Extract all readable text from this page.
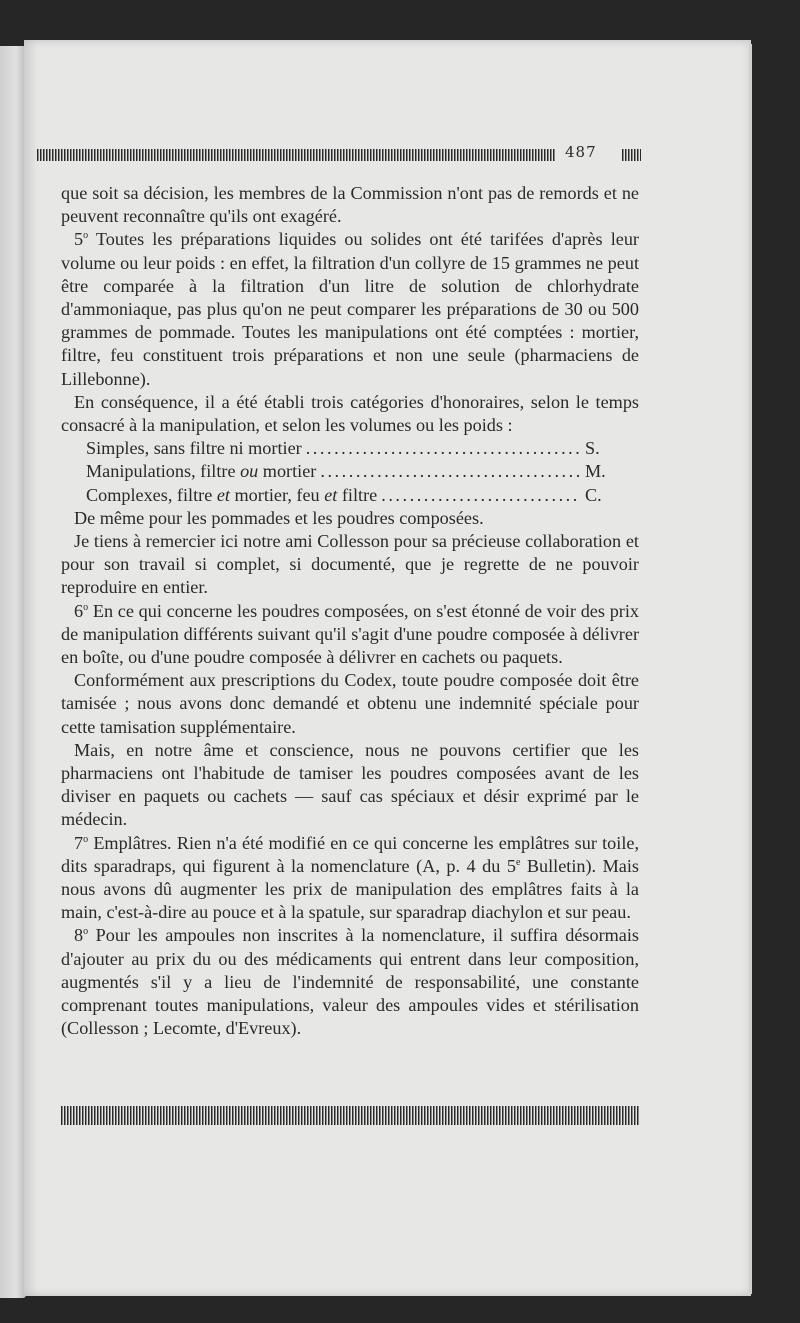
487

que soit sa décision, les membres de la Commission n'ont pas de remords et ne peuvent reconnaître qu'ils ont exagéré.

5$^o$ Toutes les préparations liquides ou solides ont été tarifées d'après leur volume ou leur poids : en effet, la filtration d'un collyre de 15 grammes ne peut être comparée à la filtration d'un litre de solution de chlorhydrate d'ammoniaque, pas plus qu'on ne peut comparer les préparations de 30 ou 500 grammes de pommade. Toutes les manipulations ont été comptées : mortier, filtre, feu constituent trois préparations et non une seule (pharmaciens de Lillebonne).

En conséquence, il a été établi trois catégories d'honoraires, selon le temps consacré à la manipulation, et selon les volumes ou les poids :

Simples, sans filtre ni mortier . . .	S.
Manipulations, filtre ou mortier . . .	M.
Complexes, filtre et mortier, feu et filtre . . .	C.

De même pour les pommades et les poudres composées.

Je tiens à remercier ici notre ami Collesson pour sa précieuse collaboration et pour son travail si complet, si documenté, que je regrette de ne pouvoir reproduire en entier.

6$^o$ En ce qui concerne les poudres composées, on s'est étonné de voir des prix de manipulation différents suivant qu'il s'agit d'une poudre composée à délivrer en boîte, ou d'une poudre composée à délivrer en cachets ou paquets.

Conformément aux prescriptions du Codex, toute poudre composée doit être tamisée ; nous avons donc demandé et obtenu une indemnité spéciale pour cette tamisation supplémentaire.

Mais, en notre âme et conscience, nous ne pouvons certifier que les pharmaciens ont l'habitude de tamiser les poudres composées avant de les diviser en paquets ou cachets — sauf cas spéciaux et désir exprimé par le médecin.

7$^o$ Emplâtres. Rien n'a été modifié en ce qui concerne les emplâtres sur toile, dits sparadraps, qui figurent à la nomenclature (A, p. 4 du 5e Bulletin). Mais nous avons dû augmenter les prix de manipulation des emplâtres faits à la main, c'est-à-dire au pouce et à la spatule, sur sparadrap diachylon et sur peau.

8$^o$ Pour les ampoules non inscrites à la nomenclature, il suffira désormais d'ajouter au prix du ou des médicaments qui entrent dans leur composition, augmentés s'il y a lieu de l'indemnité de responsabilité, une constante comprenant toutes manipulations, valeur des ampoules vides et stérilisation (Collesson ; Lecomte, d'Evreux).
